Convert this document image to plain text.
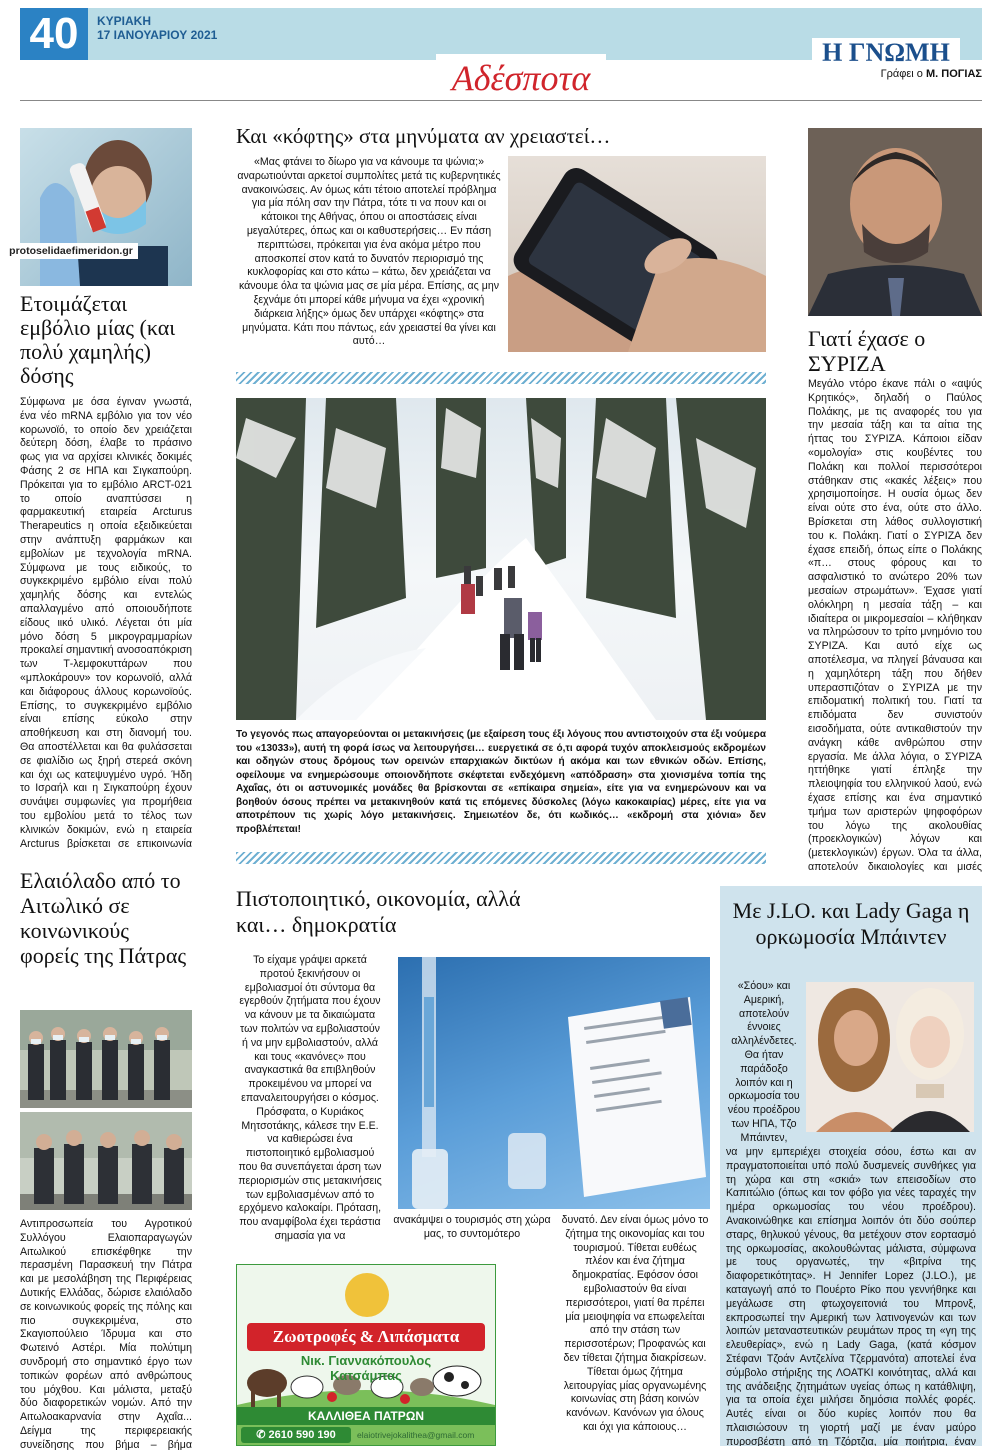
40	ΚΥΡΙΑΚΗ
17 ΙΑΝΟΥΑΡΙΟΥ 2021
Η ΓΝΩΜΗ
Γράφει ο Μ. ΠΟΓΙΑΣ
Αδέσποτα
protoselidaefimeridon.gr
Ετοιμάζεται εμβόλιο μίας (και πολύ χαμηλής) δόσης
Σύμφωνα με όσα έγιναν γνωστά, ένα νέο mRNA εμβόλιο για τον νέο κορωνοϊό, το οποίο δεν χρειάζεται δεύτερη δόση, έλαβε το πράσινο φως για να αρχίσει κλινικές δοκιμές Φάσης 2 σε ΗΠΑ και Σιγκαπούρη. Πρόκειται για το εμβόλιο ARCT-021 το οποίο αναπτύσσει η φαρμακευτική εταιρεία Arcturus Therapeutics η οποία εξειδικεύεται στην ανάπτυξη φαρμάκων και εμβολίων με τεχνολογία mRNA. Σύμφωνα με τους ειδικούς, το συγκεκριμένο εμβόλιο είναι πολύ χαμηλής δόσης και εντελώς απαλλαγμένο από οποιουδήποτε είδους ιικό υλικό. Λέγεται ότι μία μόνο δόση 5 μικρογραμμαρίων προκαλεί σημαντική ανοσοαπόκριση των Τ-λεμφοκυττάρων που «μπλοκάρουν» τον κορωνοϊό, αλλά και διάφορους άλλους κορωνοϊούς. Επίσης, το συγκεκριμένο εμβόλιο είναι επίσης εύκολο στην αποθήκευση και στη διανομή του. Θα αποστέλλεται και θα φυλάσσεται σε φιαλίδιο ως ξηρή στερεά σκόνη και όχι ως κατεψυγμένο υγρό. Ήδη το Ισραήλ και η Σιγκαπούρη έχουν συνάψει συμφωνίες για προμήθεια του εμβολίου μετά το τέλος των κλινικών δοκιμών, ενώ η εταιρεία Arcturus βρίσκεται σε επικοινωνία
Ελαιόλαδο από το Αιτωλικό σε κοινωνικούς φορείς της Πάτρας
Αντιπροσωπεία του Αγροτικού Συλλόγου Ελαιοπαραγωγών Αιτωλικού επισκέφθηκε την περασμένη Παρασκευή την Πάτρα και με μεσολάβηση της Περιφέρειας Δυτικής Ελλάδας, δώρισε ελαιόλαδο σε κοινωνικούς φορείς της πόλης και πιο συγκεκριμένα, στο Σκαγιοπούλειο Ίδρυμα και στο Φωτεινό Αστέρι. Μία πολύτιμη συνδρομή στο σημαντικό έργο των τοπικών φορέων από ανθρώπους του μόχθου. Και μάλιστα, μεταξύ δύο διαφορετικών νομών. Από την Αιτωλοακαρνανία στην Αχαΐα... Δείγμα της περιφερειακής συνείδησης που βήμα – βήμα
Και «κόφτης» στα μηνύματα αν χρειαστεί…
«Μας φτάνει το δίωρο για να κάνουμε τα ψώνια;» αναρωτιούνται αρκετοί συμπολίτες μετά τις κυβερνητικές ανακοινώσεις. Αν όμως κάτι τέτοιο αποτελεί πρόβλημα για μία πόλη σαν την Πάτρα, τότε τι να πουν και οι κάτοικοι της Αθήνας, όπου οι αποστάσεις είναι μεγαλύτερες, όπως και οι καθυστερήσεις… Εν πάση περιπτώσει, πρόκειται για ένα ακόμα μέτρο που αποσκοπεί στον κατά το δυνατόν περιορισμό της κυκλοφορίας και στο κάτω – κάτω, δεν χρειάζεται να κάνουμε όλα τα ψώνια μας σε μία μέρα. Επίσης, ας μην ξεχνάμε ότι μπορεί κάθε μήνυμα να έχει «χρονική διάρκεια λήξης» όμως δεν υπάρχει «κόφτης» στα μηνύματα. Κάτι που πάντως, εάν χρειαστεί θα γίνει και αυτό…
Το γεγονός πως απαγορεύονται οι μετακινήσεις (με εξαίρεση τους έξι λόγους που αντιστοιχούν στα έξι νούμερα του «13033»), αυτή τη φορά ίσως να λειτουργήσει… ευεργετικά σε ό,τι αφορά τυχόν αποκλεισμούς εκδρομέων και οδηγών στους δρόμους των ορεινών επαρχιακών δικτύων ή ακόμα και των εθνικών οδών. Επίσης, οφείλουμε να ενημερώσουμε οποιονδήποτε σκέφτεται ενδεχόμενη «απόδραση» στα χιονισμένα τοπία της Αχαΐας, ότι οι αστυνομικές μονάδες θα βρίσκονται σε «επίκαιρα σημεία», είτε για να ενημερώνουν και να βοηθούν όσους πρέπει να μετακινηθούν κατά τις επόμενες δύσκολες (λόγω κακοκαιρίας) μέρες, είτε για να αποτρέπουν τις χωρίς λόγο μετακινήσεις. Σημειωτέον δε, ότι κωδικός… «εκδρομή στα χιόνια» δεν προβλέπεται!
Γιατί έχασε ο ΣΥΡΙΖΑ
Μεγάλο ντόρο έκανε πάλι ο «αψύς Κρητικός», δηλαδή ο Παύλος Πολάκης, με τις αναφορές του για την μεσαία τάξη και τα αίτια της ήττας του ΣΥΡΙΖΑ. Κάποιοι είδαν «ομολογία» στις κουβέντες του Πολάκη και πολλοί περισσότεροι στάθηκαν στις «κακές λέξεις» που χρησιμοποίησε. Η ουσία όμως δεν είναι ούτε στο ένα, ούτε στο άλλο. Βρίσκεται στη λάθος συλλογιστική του κ. Πολάκη. Γιατί ο ΣΥΡΙΖΑ δεν έχασε επειδή, όπως είπε ο Πολάκης «π… στους φόρους και το ασφαλιστικό το ανώτερο 20% των μεσαίων στρωμάτων». Έχασε γιατί ολόκληρη η μεσαία τάξη – και ιδιαίτερα οι μικρομεσαίοι – κλήθηκαν να πληρώσουν το τρίτο μνημόνιο του ΣΥΡΙΖΑ. Και αυτό είχε ως αποτέλεσμα, να πληγεί βάναυσα και η χαμηλότερη τάξη που δήθεν υπερασπιζόταν ο ΣΥΡΙΖΑ με την επιδοματική πολιτική του. Γιατί τα επιδόματα δεν συνιστούν εισοδήματα, ούτε αντικαθιστούν την ανάγκη κάθε ανθρώπου στην εργασία. Με άλλα λόγια, ο ΣΥΡΙΖΑ ηττήθηκε γιατί έπληξε την πλειοψηφία του ελληνικού λαού, ενώ έχασε επίσης και ένα σημαντικό τμήμα των αριστερών ψηφοφόρων του λόγω της ακολουθίας (προεκλογικών) λόγων και (μετεκλογικών) έργων. Όλα τα άλλα, αποτελούν δικαιολογίες και μισές
Πιστοποιητικό, οικονομία, αλλά και… δημοκρατία
Το είχαμε γράψει αρκετά προτού ξεκινήσουν οι εμβολιασμοί ότι σύντομα θα εγερθούν ζητήματα που έχουν να κάνουν με τα δικαιώματα των πολιτών να εμβολιαστούν ή να μην εμβολιαστούν, αλλά και τους «κανόνες» που αναγκαστικά θα επιβληθούν προκειμένου να μπορεί να επαναλειτουργήσει ο κόσμος. Πρόσφατα, ο Κυριάκος Μητσοτάκης, κάλεσε την Ε.Ε. να καθιερώσει ένα πιστοποιητικό εμβολιασμού που θα συνεπάγεται άρση των περιορισμών στις μετακινήσεις των εμβολιασμένων από το ερχόμενο καλοκαίρι. Πρόταση, που αναμφίβολα έχει τεράστια σημασία για να
ανακάμψει ο τουρισμός στη χώρα μας, το συντομότερο
δυνατό. Δεν είναι όμως μόνο το ζήτημα της οικονομίας και του τουρισμού. Τίθεται ευθέως πλέον και ένα ζήτημα δημοκρατίας. Εφόσον όσοι εμβολιαστούν θα είναι περισσότεροι, γιατί θα πρέπει μία μειοψηφία να επωφελείται από την στάση των περισσοτέρων; Προφανώς και δεν τίθεται ζήτημα διακρίσεων. Τίθεται όμως ζήτημα λειτουργίας μίας οργανωμένης κοινωνίας στη βάση κοινών κανόνων. Κανόνων για όλους και όχι για κάποιους…
Ζωοτροφές & Λιπάσματα
Νικ. Γιαννακόπουλος Κατσάμπας
ΚΑΛΛΙΘΕΑ ΠΑΤΡΩΝ
✆ 2610 590 190	elaiotrivejokalithea@gmail.com
Με J.LO. και Lady Gaga η ορκωμοσία Μπάιντεν
«Σόου» και Αμερική, αποτελούν έννοιες αλληλένδετες. Θα ήταν παράδοξο λοιπόν και η ορκωμοσία του νέου προέδρου των ΗΠΑ, Τζο Μπάιντεν,
να μην εμπεριέχει στοιχεία σόου, έστω και αν πραγματοποιείται υπό πολύ δυσμενείς συνθήκες για τη χώρα και στη «σκιά» των επεισοδίων στο Καπιτώλιο (όπως και τον φόβο για νέες ταραχές την ημέρα ορκωμοσίας του νέου προέδρου). Ανακοινώθηκε και επίσημα λοιπόν ότι δύο σούπερ σταρς, θηλυκού γένους, θα μετέχουν στον εορτασμό της ορκωμοσίας, ακολουθώντας μάλιστα, σύμφωνα με τους οργανωτές, την «βιτρίνα της διαφορετικότητας». Η Jennifer Lopez (J.LO.), με καταγωγή από το Πουέρτο Ρίκο που γεννήθηκε και μεγάλωσε στη φτωχογειτονιά του Μπρονξ, εκπροσωπεί την Αμερική των λατινογενών και των λοιπών μεταναστευτικών ρευμάτων προς τη «γη της ελευθερίας», ενώ η Lady Gaga, (κατά κόσμον Στέφανι Τζοάν Αντζελίνα Τζερμανότα) αποτελεί ένα σύμβολο στήριξης της ΛΟΑΤΚΙ κοινότητας, αλλά και της ανάδειξης ζητημάτων υγείας όπως η κατάθλιψη, για τα οποία έχει μιλήσει δημόσια πολλές φορές. Αυτές είναι οι δύο κυρίες λοιπόν που θα πλαισιώσουν τη γιορτή μαζί με έναν μαύρο πυροσβέστη από τη Τζόρτζια, μία ποιήτρια, έναν
